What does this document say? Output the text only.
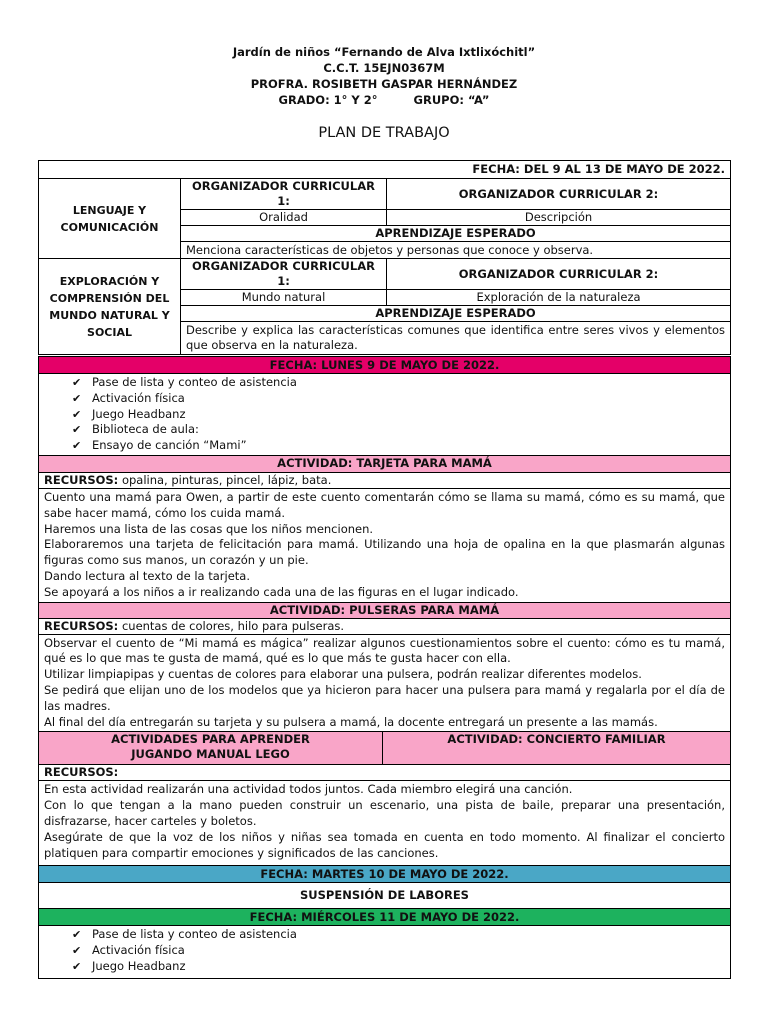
Jardín de niños “Fernando de Alva Ixtlixóchitl”
C.C.T. 15EJN0367M
PROFRA. ROSIBETH GASPAR HERNÁNDEZ
GRADO: 1° Y 2°	GRUPO: “A”
PLAN DE TRABAJO
FECHA: DEL 9 AL 13 DE MAYO DE 2022.		
LENGUAJE Y COMUNICACIÓN	ORGANIZADOR CURRICULAR 1:	ORGANIZADOR CURRICULAR 2:
	Oralidad	Descripción
	APRENDIZAJE ESPERADO	
	Menciona características de objetos y personas que conoce y observa.	
EXPLORACIÓN Y COMPRENSIÓN DEL MUNDO NATURAL Y SOCIAL	ORGANIZADOR CURRICULAR 1:	ORGANIZADOR CURRICULAR 2:
	Mundo natural	Exploración de la naturaleza
	APRENDIZAJE ESPERADO	
	Describe y explica las características comunes que identifica entre seres vivos y elementos que observa en la naturaleza.	
FECHA: LUNES 9 DE MAYO DE 2022.

✔ Pase de lista y conteo de asistencia
✔ Activación física
✔ Juego Headbanz
✔ Biblioteca de aula:
✔ Ensayo de canción “Mami”

ACTIVIDAD: TARJETA PARA MAMÁ
RECURSOS: opalina, pinturas, pincel, lápiz, bata.

Cuento una mamá para Owen, a partir de este cuento comentarán cómo se llama su mamá, cómo es su mamá, que sabe hacer mamá, cómo los cuida mamá.

Haremos una lista de las cosas que los niños mencionen.

Elaboraremos una tarjeta de felicitación para mamá. Utilizando una hoja de opalina en la que plasmarán algunas figuras como sus manos, un corazón y un pie.

Dando lectura al texto de la tarjeta.

Se apoyará a los niños a ir realizando cada una de las figuras en el lugar indicado.

ACTIVIDAD: PULSERAS PARA MAMÁ
RECURSOS: cuentas de colores, hilo para pulseras.

Observar el cuento de “Mi mamá es mágica” realizar algunos cuestionamientos sobre el cuento: cómo es tu mamá, qué es lo que mas te gusta de mamá, qué es lo que más te gusta hacer con ella.

Utilizar limpiapipas y cuentas de colores para elaborar una pulsera, podrán realizar diferentes modelos.

Se pedirá que elijan uno de los modelos que ya hicieron para hacer una pulsera para mamá y regalarla por el día de las madres.

Al final del día entregarán su tarjeta y su pulsera a mamá, la docente entregará un presente a las mamás.

ACTIVIDADES PARA APRENDER JUGANDO MANUAL LEGO	ACTIVIDAD: CONCIERTO FAMILIAR
RECURSOS:

En esta actividad realizarán una actividad todos juntos. Cada miembro elegirá una canción.

Con lo que tengan a la mano pueden construir un escenario, una pista de baile, preparar una presentación, disfrazarse, hacer carteles y boletos.

Asegúrate de que la voz de los niños y niñas sea tomada en cuenta en todo momento. Al finalizar el concierto platiquen para compartir emociones y significados de las canciones.

FECHA: MARTES 10 DE MAYO DE 2022.
SUSPENSIÓN DE LABORES
FECHA: MIÉRCOLES 11 DE MAYO DE 2022.

✔ Pase de lista y conteo de asistencia
✔ Activación física
✔ Juego Headbanz
